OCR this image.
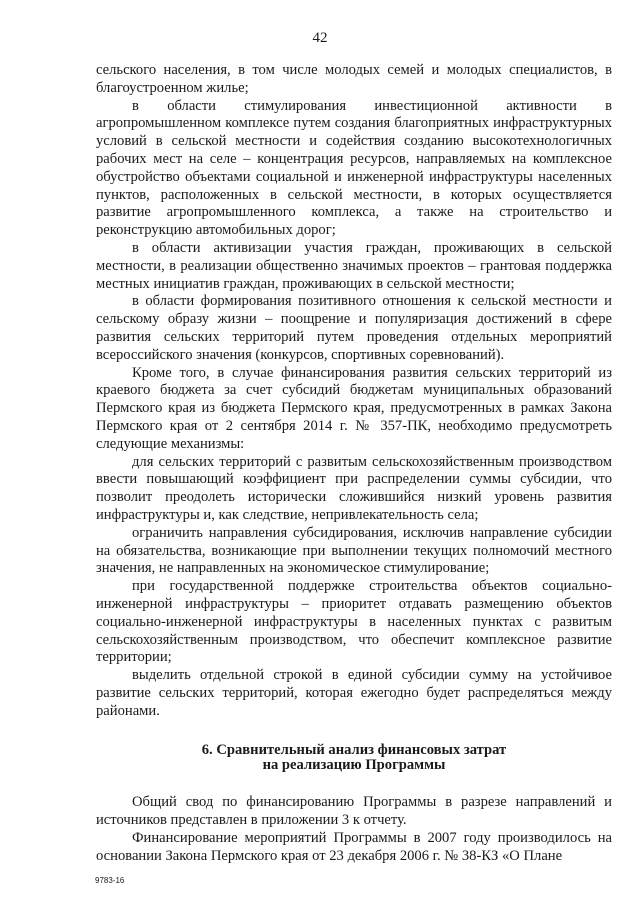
42

сельского населения, в том числе молодых семей и молодых специалистов, в благоустроенном жилье;

в области стимулирования инвестиционной активности в агропромышленном комплексе путем создания благоприятных инфраструктурных условий в сельской местности и содействия созданию высокотехнологичных рабочих мест на селе – концентрация ресурсов, направляемых на комплексное обустройство объектами социальной и инженерной инфраструктуры населенных пунктов, расположенных в сельской местности, в которых осуществляется развитие агропромышленного комплекса, а также на строительство и реконструкцию автомобильных дорог;

в области активизации участия граждан, проживающих в сельской местности, в реализации общественно значимых проектов – грантовая поддержка местных инициатив граждан, проживающих в сельской местности;

в области формирования позитивного отношения к сельской местности и сельскому образу жизни – поощрение и популяризация достижений в сфере развития сельских территорий путем проведения отдельных мероприятий всероссийского значения (конкурсов, спортивных соревнований).

Кроме того, в случае финансирования развития сельских территорий из краевого бюджета за счет субсидий бюджетам муниципальных образований Пермского края из бюджета Пермского края, предусмотренных в рамках Закона Пермского края от 2 сентября 2014 г. № 357-ПК, необходимо предусмотреть следующие механизмы:

для сельских территорий с развитым сельскохозяйственным производством ввести повышающий коэффициент при распределении суммы субсидии, что позволит преодолеть исторически сложившийся низкий уровень развития инфраструктуры и, как следствие, непривлекательность села;

ограничить направления субсидирования, исключив направление субсидии на обязательства, возникающие при выполнении текущих полномочий местного значения, не направленных на экономическое стимулирование;

при государственной поддержке строительства объектов социально-инженерной инфраструктуры – приоритет отдавать размещению объектов социально-инженерной инфраструктуры в населенных пунктах с развитым сельскохозяйственным производством, что обеспечит комплексное развитие территории;

выделить отдельной строкой в единой субсидии сумму на устойчивое развитие сельских территорий, которая ежегодно будет распределяться между районами.

6. Сравнительный анализ финансовых затрат
на реализацию Программы

Общий свод по финансированию Программы в разрезе направлений и источников представлен в приложении 3 к отчету.

Финансирование мероприятий Программы в 2007 году производилось на основании Закона Пермского края от 23 декабря 2006 г. № 38-КЗ «О Плане

9783-16
